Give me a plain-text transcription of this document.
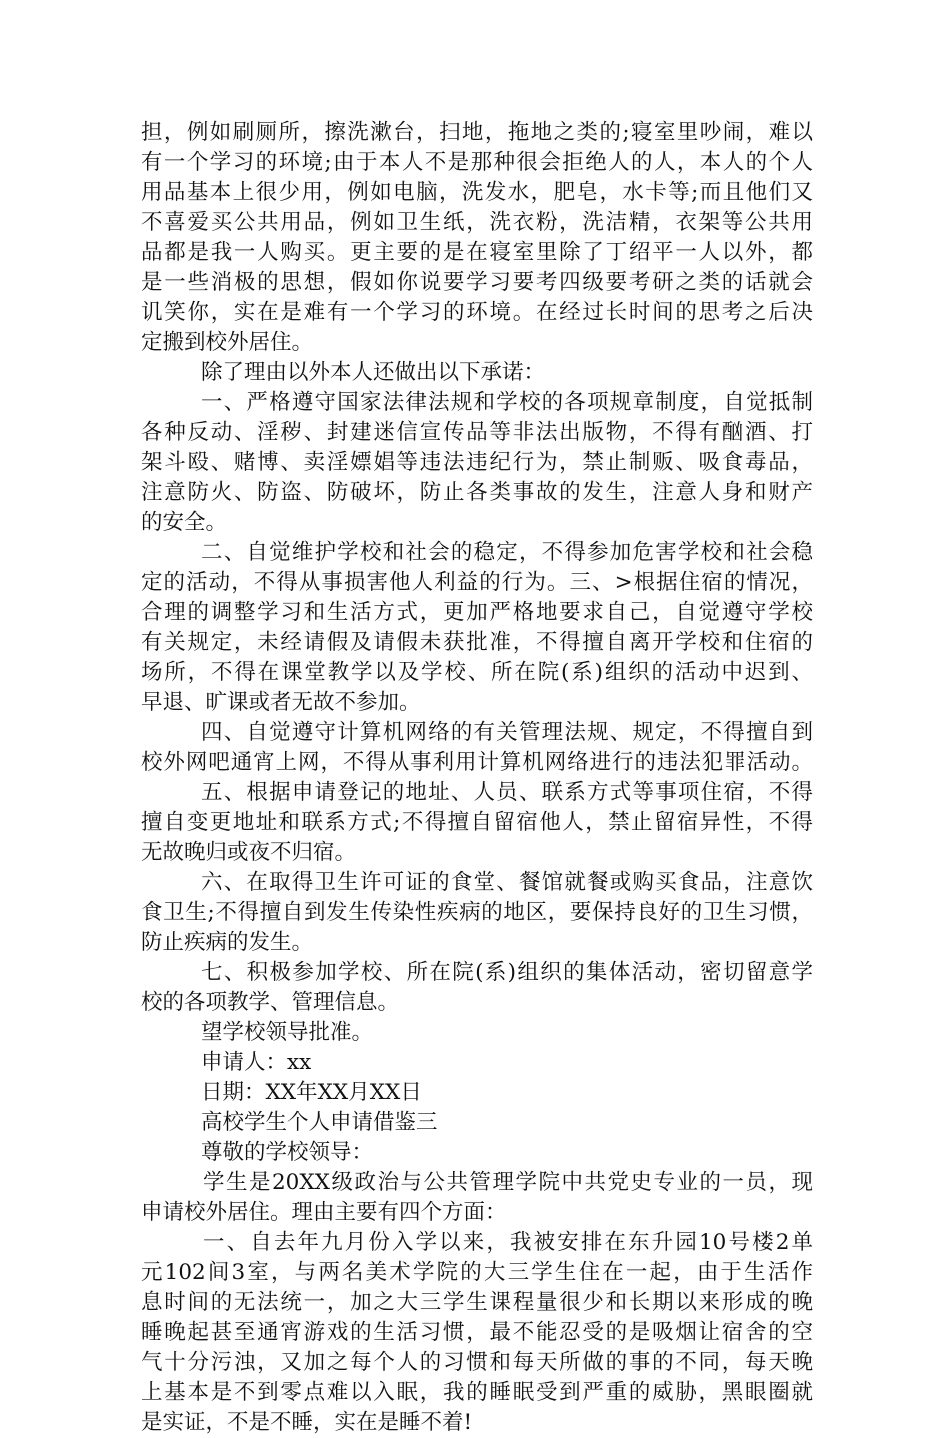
担，例如刷厕所，擦洗漱台，扫地，拖地之类的;寝室里吵闹，难以
有一个学习的环境;由于本人不是那种很会拒绝人的人，本人的个人
用品基本上很少用，例如电脑，洗发水，肥皂，水卡等;而且他们又
不喜爱买公共用品，例如卫生纸，洗衣粉，洗洁精，衣架等公共用
品都是我一人购买。更主要的是在寝室里除了丁绍平一人以外，都
是一些消极的思想，假如你说要学习要考四级要考研之类的话就会
讥笑你，实在是难有一个学习的环境。在经过长时间的思考之后决
定搬到校外居住。
除了理由以外本人还做出以下承诺：
一、严格遵守国家法律法规和学校的各项规章制度，自觉抵制
各种反动、淫秽、封建迷信宣传品等非法出版物，不得有酗酒、打
架斗殴、赌博、卖淫嫖娼等违法违纪行为，禁止制贩、吸食毒品，
注意防火、防盗、防破坏，防止各类事故的发生，注意人身和财产
的安全。
二、自觉维护学校和社会的稳定，不得参加危害学校和社会稳
定的活动，不得从事损害他人利益的行为。三、>根据住宿的情况，
合理的调整学习和生活方式，更加严格地要求自己，自觉遵守学校
有关规定，未经请假及请假未获批准，不得擅自离开学校和住宿的
场所，不得在课堂教学以及学校、所在院(系)组织的活动中迟到、
早退、旷课或者无故不参加。
四、自觉遵守计算机网络的有关管理法规、规定，不得擅自到
校外网吧通宵上网，不得从事利用计算机网络进行的违法犯罪活动。
五、根据申请登记的地址、人员、联系方式等事项住宿，不得
擅自变更地址和联系方式;不得擅自留宿他人，禁止留宿异性，不得
无故晚归或夜不归宿。
六、在取得卫生许可证的食堂、餐馆就餐或购买食品，注意饮
食卫生;不得擅自到发生传染性疾病的地区，要保持良好的卫生习惯，
防止疾病的发生。
七、积极参加学校、所在院(系)组织的集体活动，密切留意学
校的各项教学、管理信息。
望学校领导批准。
申请人：xx
日期：XX年XX月XX日
高校学生个人申请借鉴三
尊敬的学校领导：
学生是20XX级政治与公共管理学院中共党史专业的一员，现
申请校外居住。理由主要有四个方面：
一、自去年九月份入学以来，我被安排在东升园10号楼2单
元102间3室，与两名美术学院的大三学生住在一起，由于生活作
息时间的无法统一，加之大三学生课程量很少和长期以来形成的晚
睡晚起甚至通宵游戏的生活习惯，最不能忍受的是吸烟让宿舍的空
气十分污浊，又加之每个人的习惯和每天所做的事的不同，每天晚
上基本是不到零点难以入眠，我的睡眠受到严重的威胁，黑眼圈就
是实证，不是不睡，实在是睡不着!
